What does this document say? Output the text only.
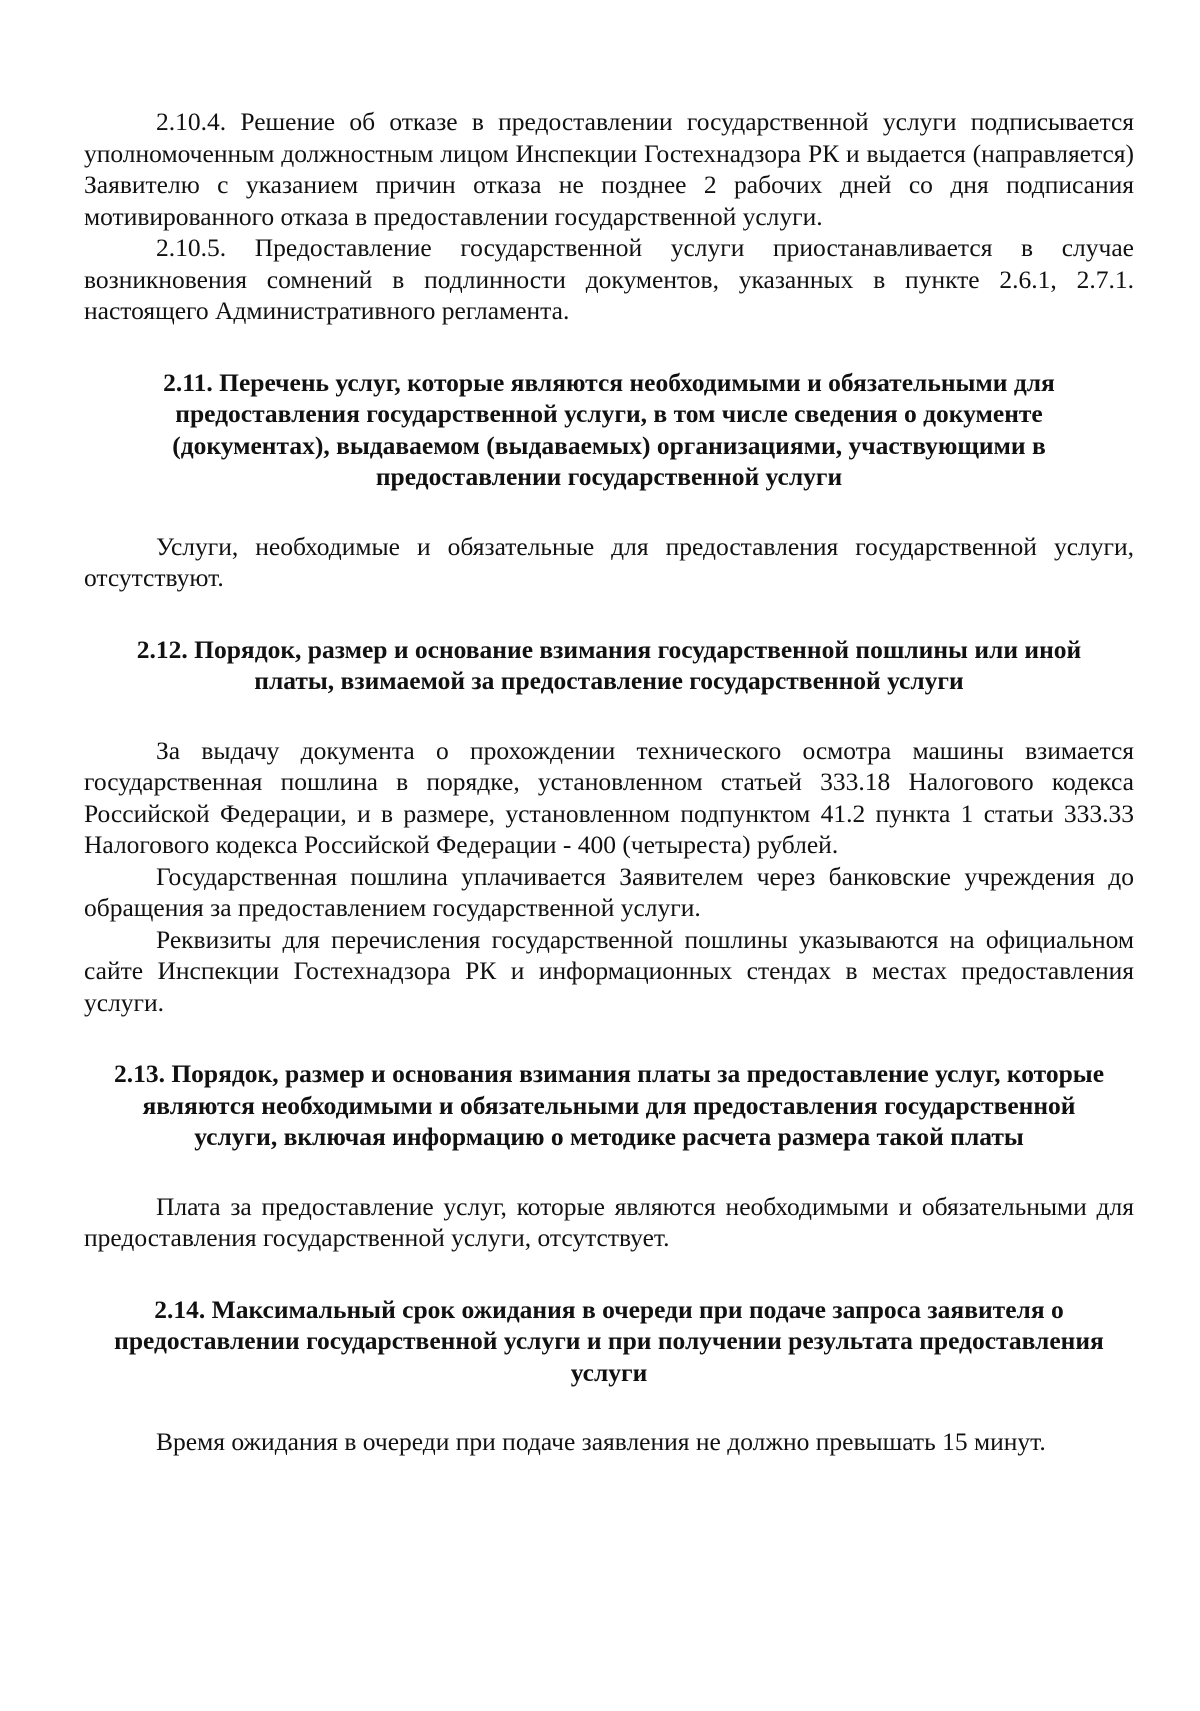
2.10.4. Решение об отказе в предоставлении государственной услуги подписывается уполномоченным должностным лицом Инспекции Гостехнадзора РК и выдается (направляется) Заявителю с указанием причин отказа не позднее 2 рабочих дней со дня подписания мотивированного отказа в предоставлении государственной услуги.

2.10.5. Предоставление государственной услуги приостанавливается в случае возникновения сомнений в подлинности документов, указанных в пункте 2.6.1, 2.7.1. настоящего Административного регламента.

2.11. Перечень услуг, которые являются необходимыми и обязательными для предоставления государственной услуги, в том числе сведения о документе (документах), выдаваемом (выдаваемых) организациями, участвующими в предоставлении государственной услуги

Услуги, необходимые и обязательные для предоставления государственной услуги, отсутствуют.

2.12. Порядок, размер и основание взимания государственной пошлины или иной платы, взимаемой за предоставление государственной услуги

За выдачу документа о прохождении технического осмотра машины взимается государственная пошлина в порядке, установленном статьей 333.18 Налогового кодекса Российской Федерации, и в размере, установленном подпунктом 41.2 пункта 1 статьи 333.33 Налогового кодекса Российской Федерации - 400 (четыреста) рублей.

Государственная пошлина уплачивается Заявителем через банковские учреждения до обращения за предоставлением государственной услуги.

Реквизиты для перечисления государственной пошлины указываются на официальном сайте Инспекции Гостехнадзора РК и информационных стендах в местах предоставления услуги.

2.13. Порядок, размер и основания взимания платы за предоставление услуг, которые являются необходимыми и обязательными для предоставления государственной услуги, включая информацию о методике расчета размера такой платы

Плата за предоставление услуг, которые являются необходимыми и обязательными для предоставления государственной услуги, отсутствует.

2.14. Максимальный срок ожидания в очереди при подаче запроса заявителя о предоставлении государственной услуги и при получении результата предоставления услуги

Время ожидания в очереди при подаче заявления не должно превышать 15 минут.
